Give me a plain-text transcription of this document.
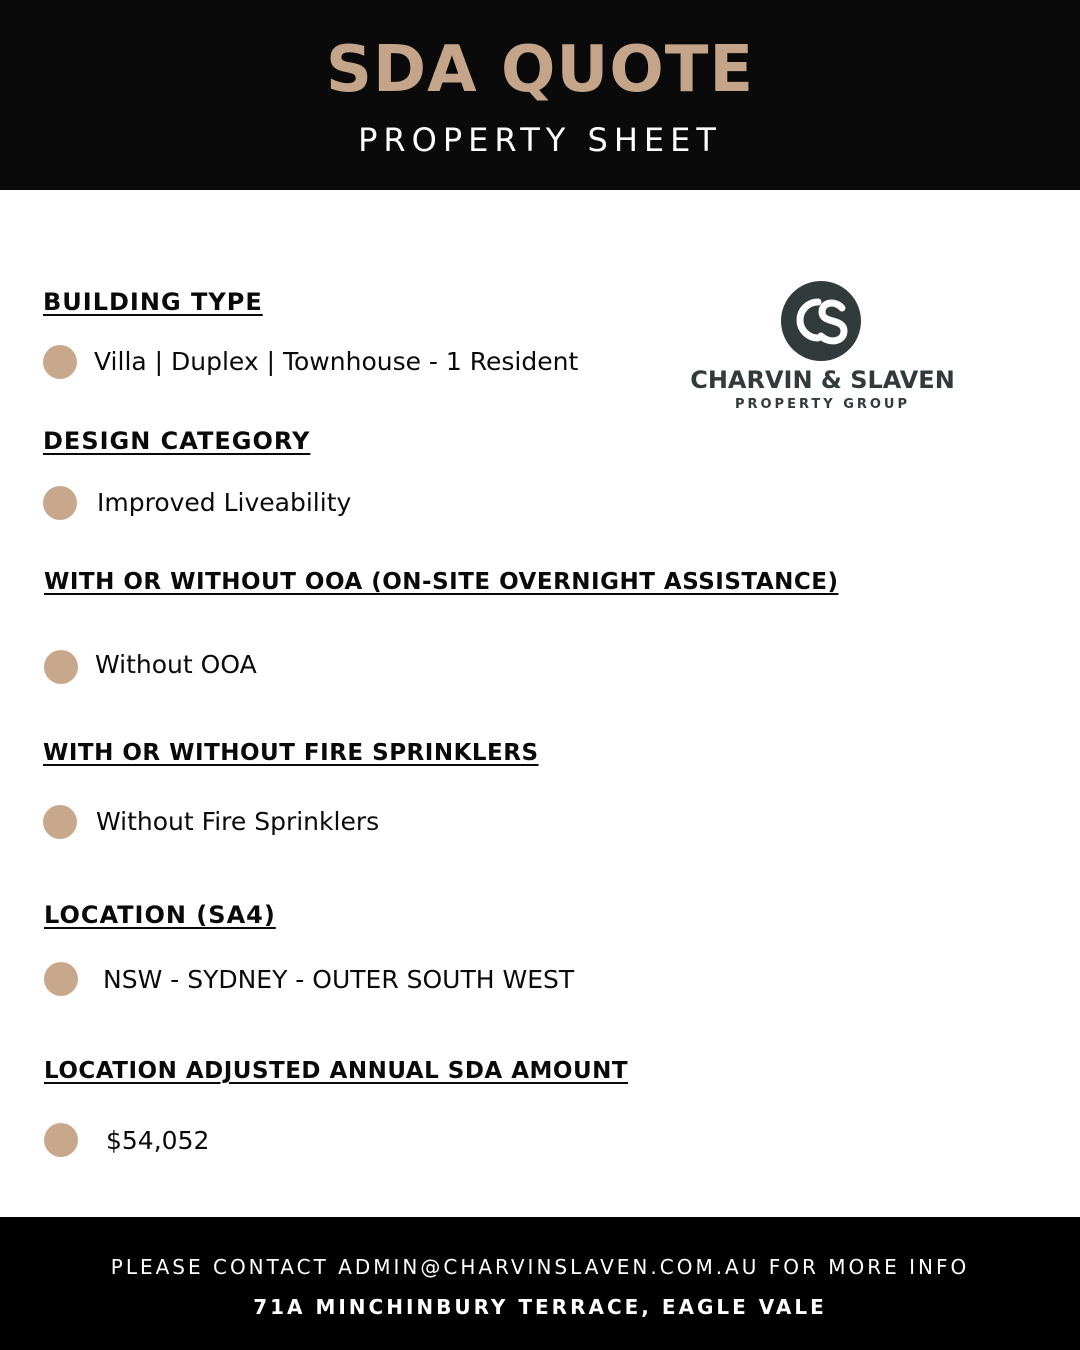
SDA QUOTE
PROPERTY SHEET
CHARVIN & SLAVEN
PROPERTY GROUP
BUILDING TYPE
Villa | Duplex | Townhouse - 1 Resident
DESIGN CATEGORY
Improved Liveability
WITH OR WITHOUT OOA (ON-SITE OVERNIGHT ASSISTANCE)
Without OOA
WITH OR WITHOUT FIRE SPRINKLERS
Without Fire Sprinklers
LOCATION (SA4)
NSW - SYDNEY - OUTER SOUTH WEST
LOCATION ADJUSTED ANNUAL SDA AMOUNT
$54,052
PLEASE CONTACT ADMIN@CHARVINSLAVEN.COM.AU FOR MORE INFO
71A MINCHINBURY TERRACE, EAGLE VALE
